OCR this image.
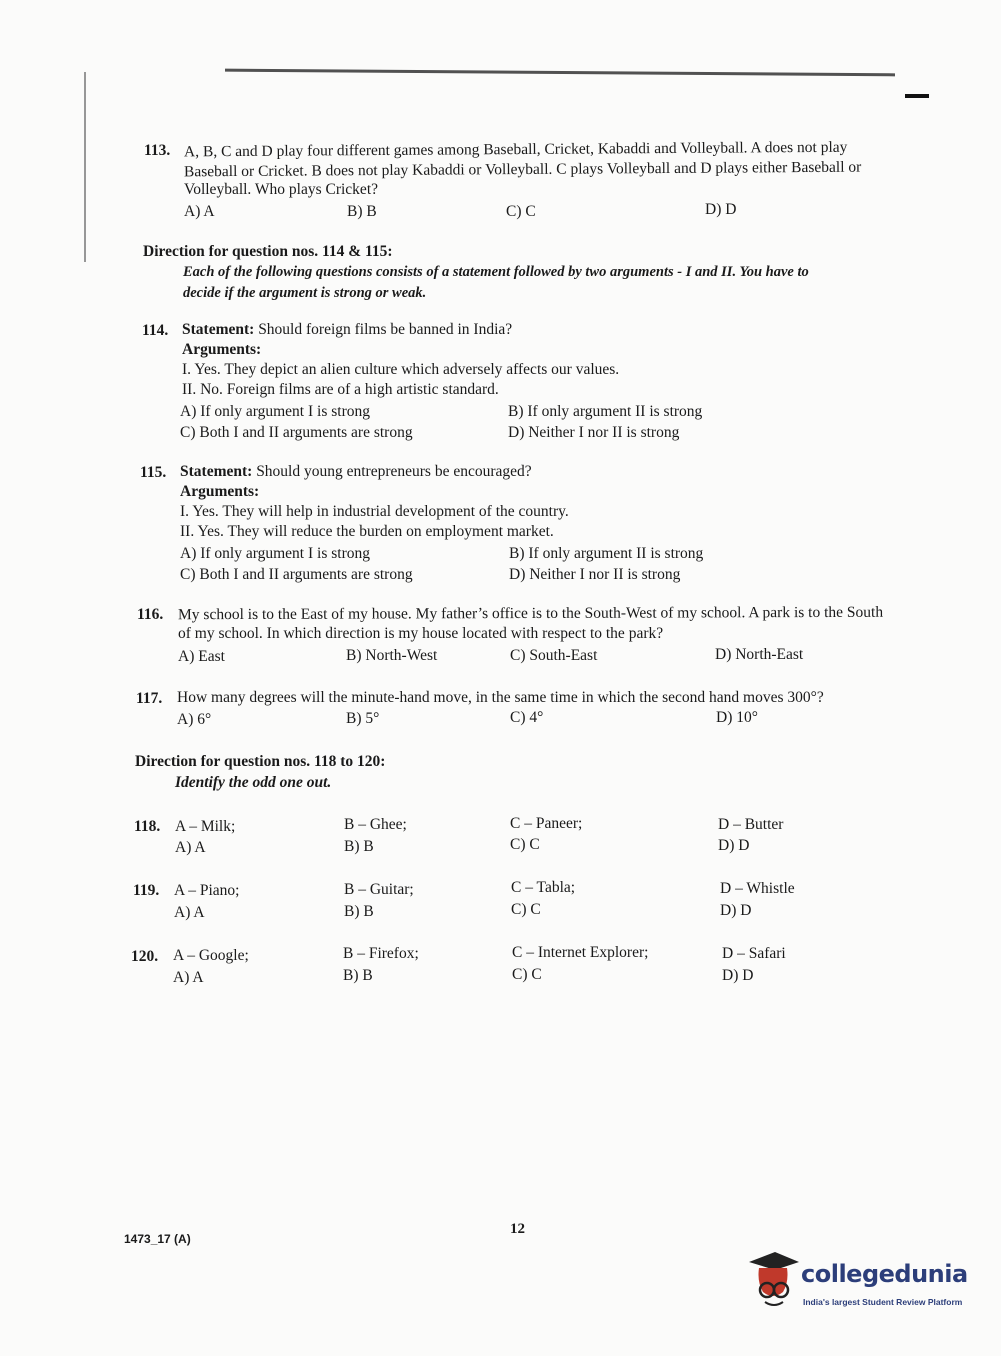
113. A, B, C and D play four different games among Baseball, Cricket, Kabaddi and Volleyball. A does not play
Baseball or Cricket. B does not play Kabaddi or Volleyball. C plays Volleyball and D plays either Baseball or
Volleyball. Who plays Cricket?
A) A	B) B	C) C	D) D
Direction for question nos. 114 & 115:
Each of the following questions consists of a statement followed by two arguments - I and II. You have to
decide if the argument is strong or weak.
114. Statement: Should foreign films be banned in India?
Arguments:
I. Yes. They depict an alien culture which adversely affects our values.
II. No. Foreign films are of a high artistic standard.
A) If only argument I is strong	B) If only argument II is strong
C) Both I and II arguments are strong	D) Neither I nor II is strong
115. Statement: Should young entrepreneurs be encouraged?
Arguments:
I. Yes. They will help in industrial development of the country.
II. Yes. They will reduce the burden on employment market.
A) If only argument I is strong	B) If only argument II is strong
C) Both I and II arguments are strong	D) Neither I nor II is strong
116. My school is to the East of my house. My father’s office is to the South-West of my school. A park is to the South
of my school. In which direction is my house located with respect to the park?
A) East	B) North-West	C) South-East	D) North-East
117. How many degrees will the minute-hand move, in the same time in which the second hand moves 300°?
A) 6°	B) 5°	C) 4°	D) 10°
Direction for question nos. 118 to 120:
Identify the odd one out.
118. A – Milk;	B – Ghee;	C – Paneer;	D – Butter
A) A	B) B	C) C	D) D
119. A – Piano;	B – Guitar;	C – Tabla;	D – Whistle
A) A	B) B	C) C	D) D
120. A – Google;	B – Firefox;	C – Internet Explorer;	D – Safari
A) A	B) B	C) C	D) D
1473_17 (A)
12
collegedunia
India's largest Student Review Platform
